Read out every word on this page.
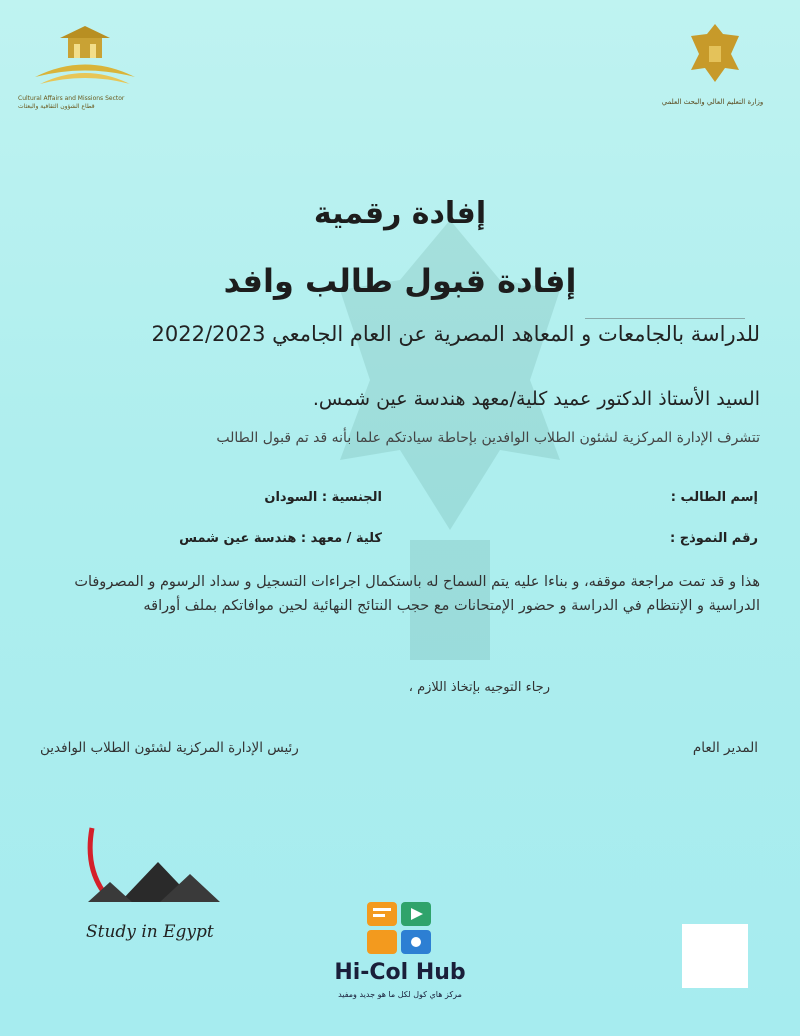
Cultural Affairs and Missions Sector
قطاع الشؤون الثقافية والبعثات
وزارة التعليم العالي والبحث العلمي
إفادة رقمية
إفادة قبول طالب وافد
للدراسة بالجامعات و المعاهد المصرية عن العام الجامعي 2022/2023
السيد الأستاذ الدكتور عميد كلية/معهد هندسة عين شمس.
تتشرف الإدارة المركزية لشئون الطلاب الوافدين بإحاطة سيادتكم علما بأنه قد تم قبول الطالب
إسم الطالب :
الجنسية : السودان
رقم النموذج :
كلية / معهد : هندسة عين شمس
هذا و قد تمت مراجعة موقفه، و بناءا عليه يتم السماح له باستكمال اجراءات التسجيل و سداد الرسوم و المصروفات الدراسية و الإنتظام في الدراسة و حضور الإمتحانات مع حجب النتائج النهائية لحين موافاتكم بملف أوراقه
رجاء التوجيه بإتخاذ اللازم ،
المدير العام
رئيس الإدارة المركزية لشئون الطلاب الوافدين
Study in Egypt
Hi-Col Hub
مركز هاي كول لكل ما هو جديد ومفيد
